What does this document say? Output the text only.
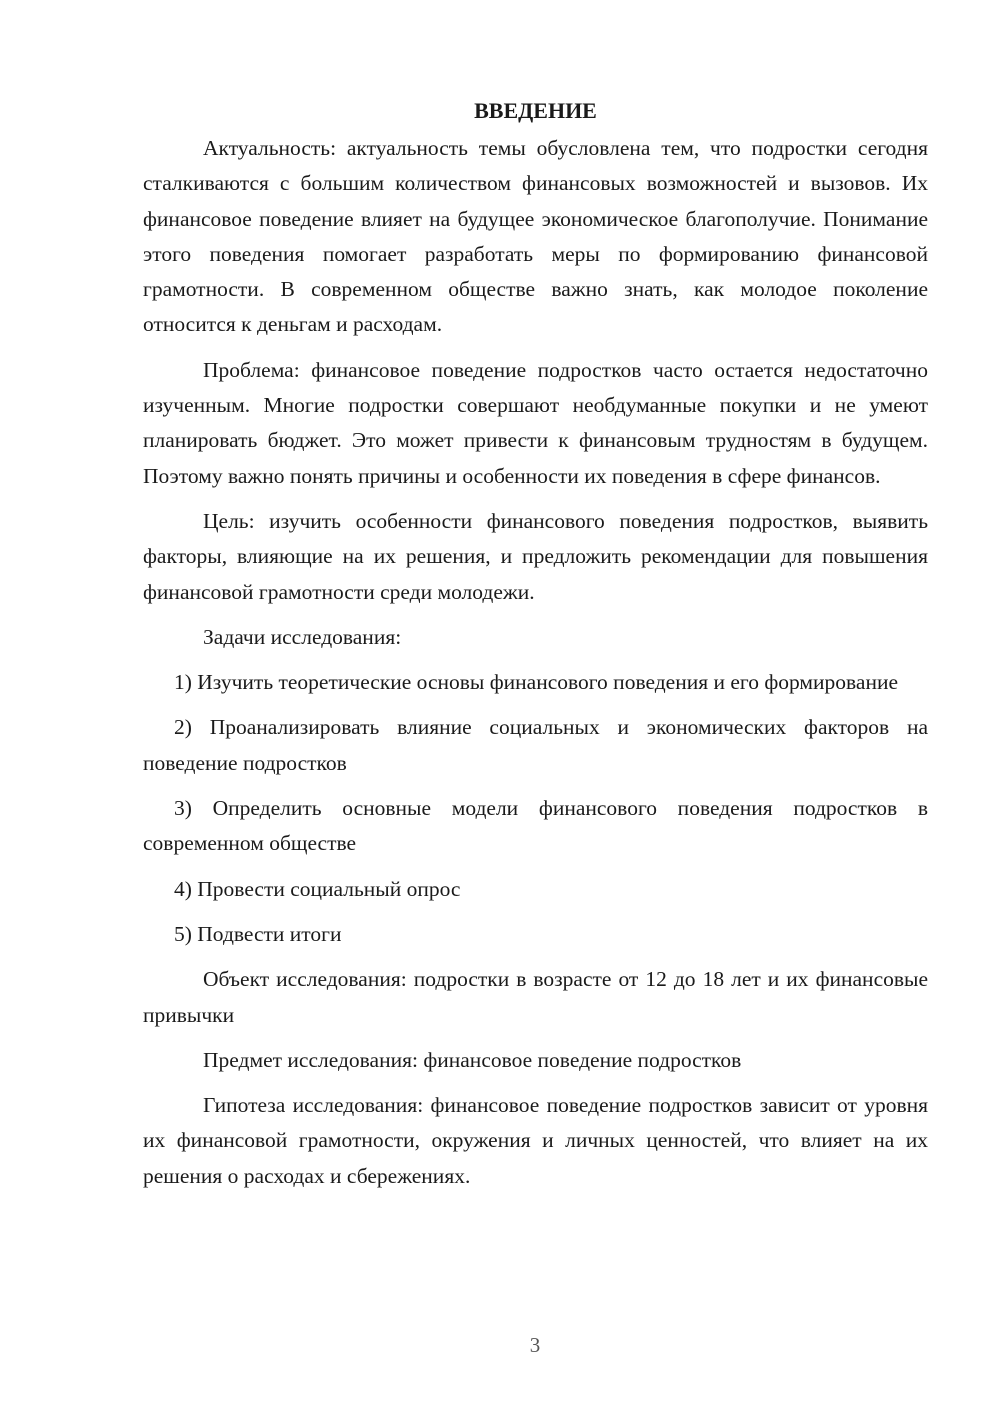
ВВЕДЕНИЕ

Актуальность: актуальность темы обусловлена тем, что подростки сегодня сталкиваются с большим количеством финансовых возможностей и вызовов. Их финансовое поведение влияет на будущее экономическое благополучие. Понимание этого поведения помогает разработать меры по формированию финансовой грамотности. В современном обществе важно знать, как молодое поколение относится к деньгам и расходам.

Проблема: финансовое поведение подростков часто остается недостаточно изученным. Многие подростки совершают необдуманные покупки и не умеют планировать бюджет. Это может привести к финансовым трудностям в будущем. Поэтому важно понять причины и особенности их поведения в сфере финансов.

Цель: изучить особенности финансового поведения подростков, выявить факторы, влияющие на их решения, и предложить рекомендации для повышения финансовой грамотности среди молодежи.

Задачи исследования:

1) Изучить теоретические основы финансового поведения и его формирование

2) Проанализировать влияние социальных и экономических факторов на поведение подростков

3) Определить основные модели финансового поведения подростков в современном обществе

4) Провести социальный опрос

5) Подвести итоги

Объект исследования: подростки в возрасте от 12 до 18 лет и их финансовые привычки

Предмет исследования: финансовое поведение подростков

Гипотеза исследования: финансовое поведение подростков зависит от уровня их финансовой грамотности, окружения и личных ценностей, что влияет на их решения о расходах и сбережениях.

3
